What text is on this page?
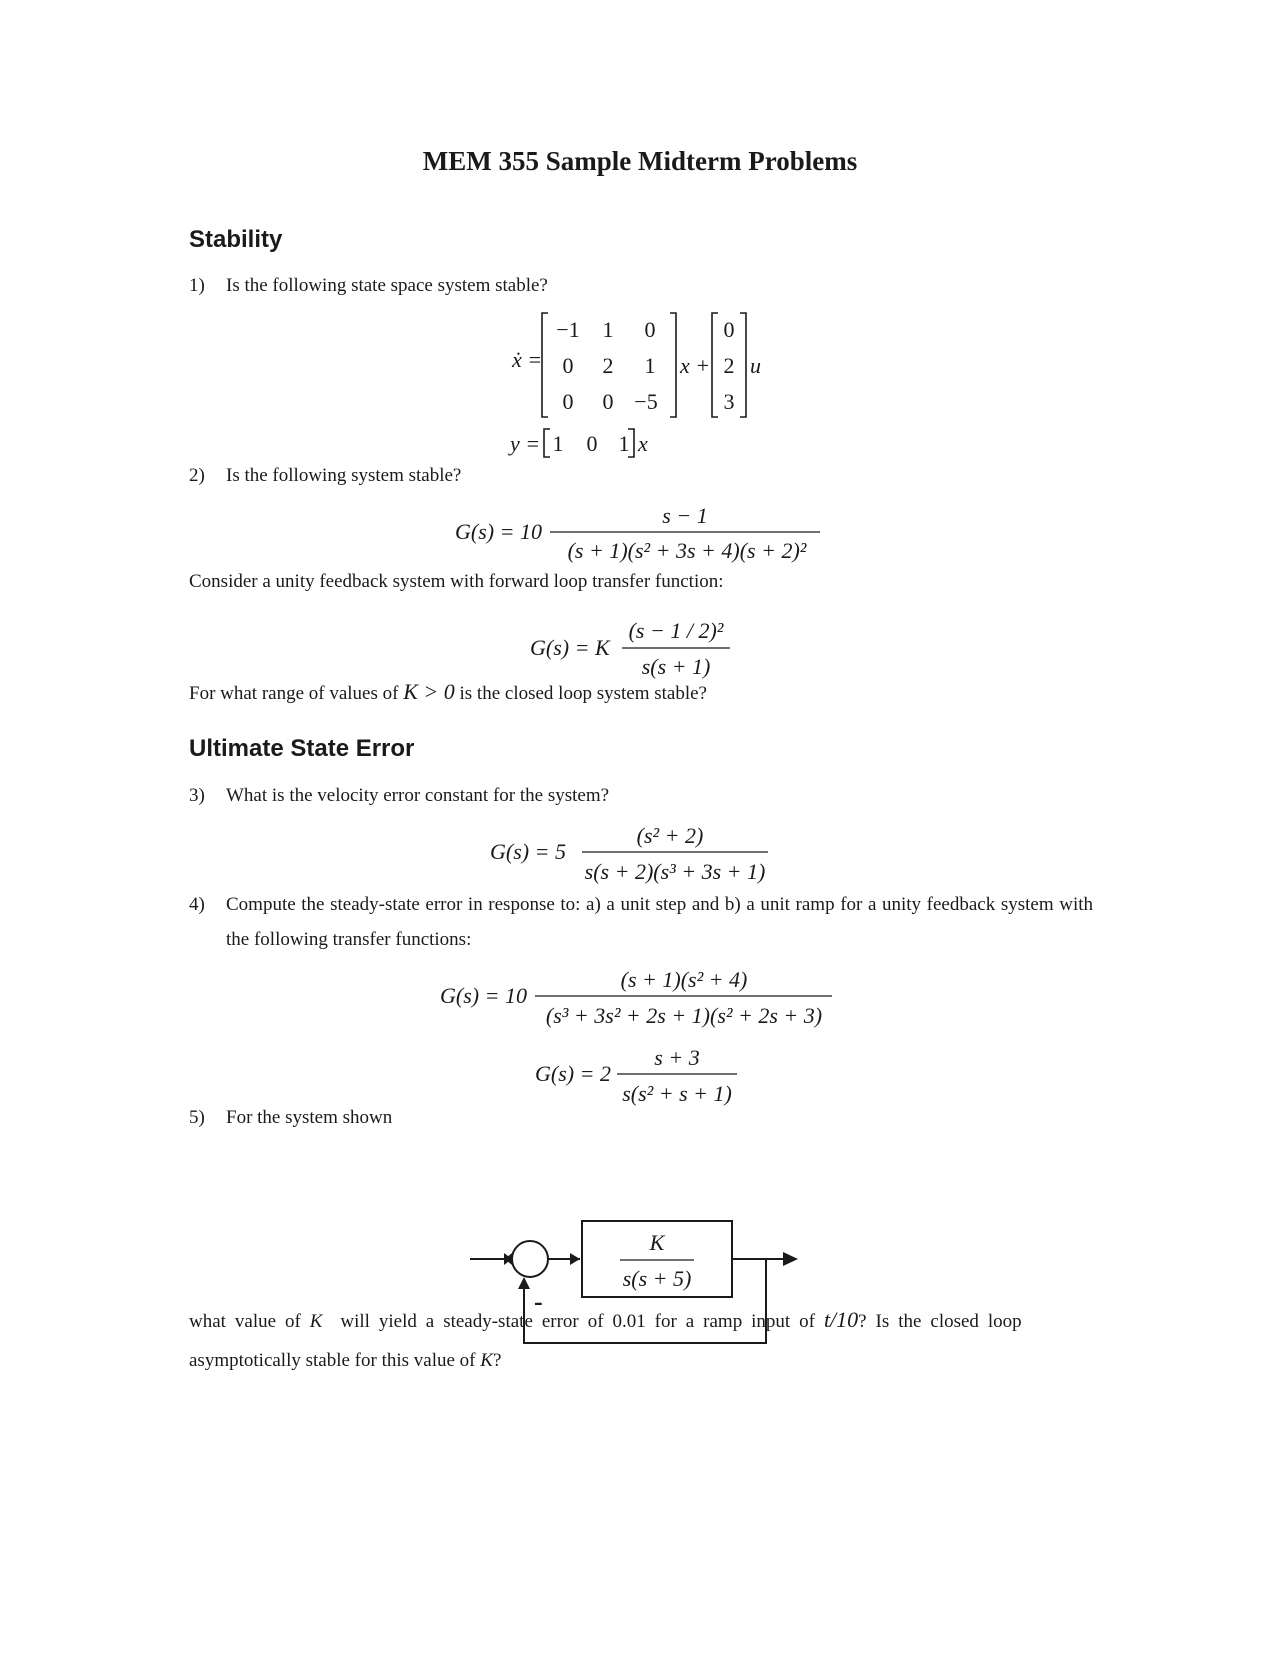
MEM 355 Sample Midterm Problems
Stability
1) Is the following state space system stable?
ẋ =
−1 1 0
0 2 1
0 0 −5
x +
0
2
3
u
y = 1 0 1 x
2) Is the following system stable?
G(s) = 10
s − 1
(s + 1)(s² + 3s + 4)(s + 2)²
Consider a unity feedback system with forward loop transfer function:
G(s) = K
(s − 1 / 2)²
s(s + 1)
For what range of values of K > 0 is the closed loop system stable?
Ultimate State Error
3) What is the velocity error constant for the system?
G(s) = 5
(s² + 2)
s(s + 2)(s³ + 3s + 1)
4) Compute the steady-state error in response to: a) a unit step and b) a unit ramp for a unity feedback system with the following transfer functions:
G(s) = 10
(s + 1)(s² + 4)
(s³ + 3s² + 2s + 1)(s² + 2s + 3)
G(s) = 2
s + 3
s(s² + s + 1)
5) For the system shown
K
s(s + 5)
-
what value of K will yield a steady-state error of 0.01 for a ramp input of t/10? Is the closed loop
asymptotically stable for this value of K?
